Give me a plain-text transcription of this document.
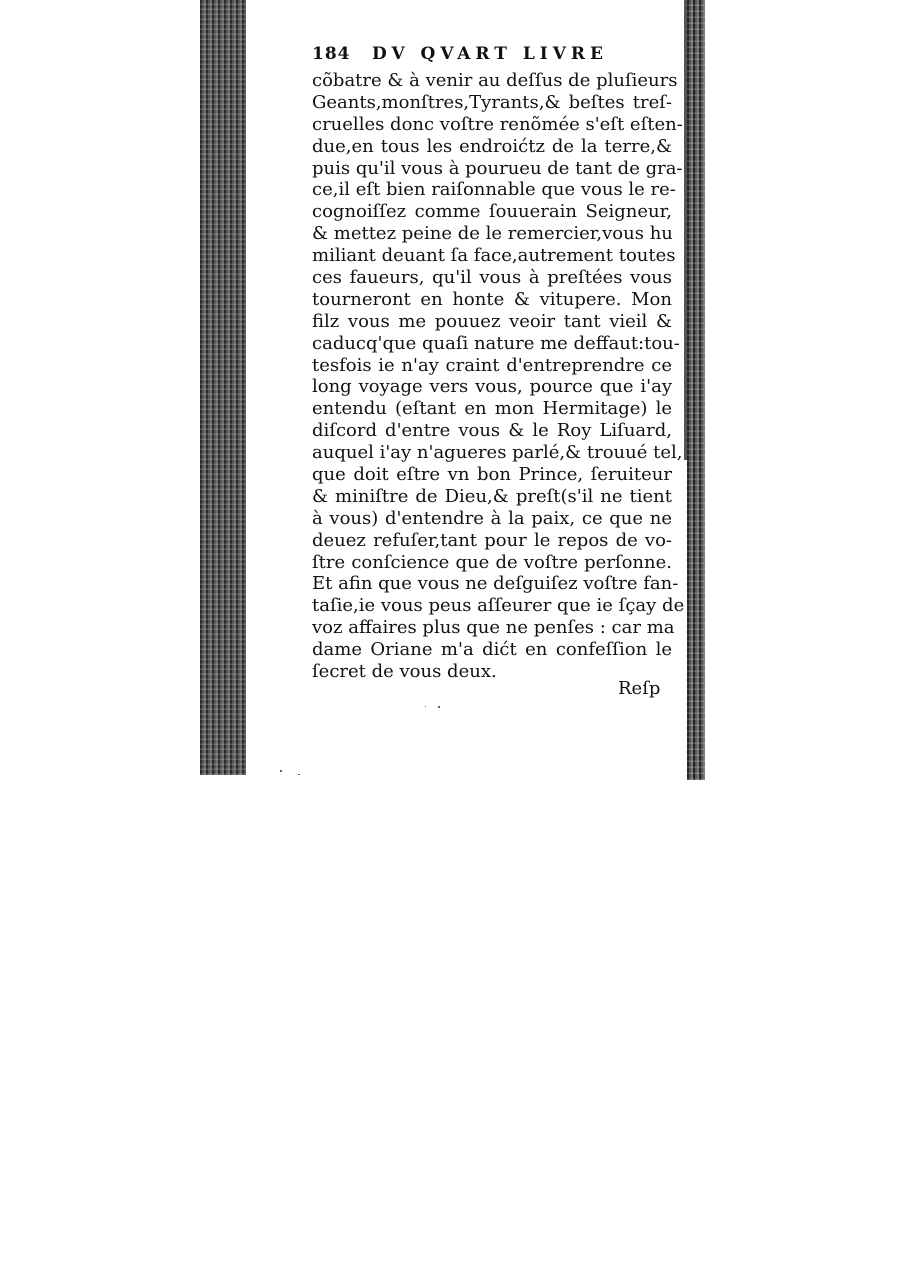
184 DV QVART LIVRE
cõbatre & à venir au deſſus de pluſieurs
Geants,monſtres,Tyrants,& beſtes treſ-
cruelles donc voſtre renõmée s'eſt eſten-
due,en tous les endroićtz de la terre,&
puis qu'il vous à pourueu de tant de gra-
ce,il eſt bien raiſonnable que vous le re-
cognoiſſez comme ſouuerain Seigneur,
& mettez peine de le remercier,vous hu
miliant deuant ſa face,autrement toutes
ces faueurs, qu'il vous à preſtées vous
tourneront en honte & vitupere. Mon
filz vous me pouuez veoir tant vieil &
caducq'que quaſi nature me deffaut:tou-
tesfois ie n'ay craint d'entreprendre ce
long voyage vers vous, pource que i'ay
entendu (eſtant en mon Hermitage) le
diſcord d'entre vous & le Roy Liſuard,
auquel i'ay n'agueres parlé,& trouué tel,
que doit eſtre vn bon Prince, ſeruiteur
& miniſtre de Dieu,& preſt(s'il ne tient
à vous) d'entendre à la paix, ce que ne
deuez refuſer,tant pour le repos de vo-
ſtre conſcience que de voſtre perſonne.
Et afin que vous ne deſguiſez voſtre fan-
taſie,ie vous peus aſſeurer que ie ſçay de
voz affaires plus que ne penſes : car ma
dame Oriane m'a dićt en confeſſion le
ſecret de vous deux.
Reſp
